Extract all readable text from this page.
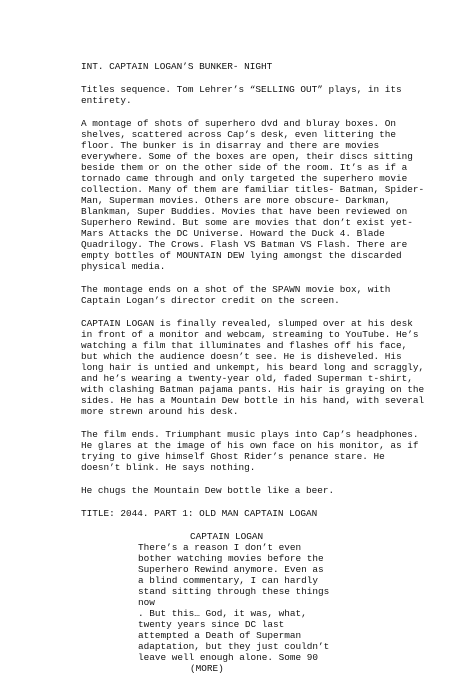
INT. CAPTAIN LOGAN’S BUNKER- NIGHT
Titles sequence. Tom Lehrer’s “SELLING OUT” plays, in its
entirety.
A montage of shots of superhero dvd and bluray boxes. On
shelves, scattered across Cap’s desk, even littering the
floor. The bunker is in disarray and there are movies
everywhere. Some of the boxes are open, their discs sitting
beside them or on the other side of the room. It’s as if a
tornado came through and only targeted the superhero movie
collection. Many of them are familiar titles- Batman, Spider-
Man, Superman movies. Others are more obscure- Darkman,
Blankman, Super Buddies. Movies that have been reviewed on
Superhero Rewind. But some are movies that don’t exist yet-
Mars Attacks the DC Universe. Howard the Duck 4. Blade
Quadrilogy. The Crows. Flash VS Batman VS Flash. There are
empty bottles of MOUNTAIN DEW lying amongst the discarded
physical media.
The montage ends on a shot of the SPAWN movie box, with
Captain Logan’s director credit on the screen.
CAPTAIN LOGAN is finally revealed, slumped over at his desk
in front of a monitor and webcam, streaming to YouTube. He’s
watching a film that illuminates and flashes off his face,
but which the audience doesn’t see. He is disheveled. His
long hair is untied and unkempt, his beard long and scraggly,
and he’s wearing a twenty-year old, faded Superman t-shirt,
with clashing Batman pajama pants. His hair is graying on the
sides. He has a Mountain Dew bottle in his hand, with several
more strewn around his desk.
The film ends. Triumphant music plays into Cap’s headphones.
He glares at the image of his own face on his monitor, as if
trying to give himself Ghost Rider’s penance stare. He
doesn’t blink. He says nothing.
He chugs the Mountain Dew bottle like a beer.
TITLE: 2044. PART 1: OLD MAN CAPTAIN LOGAN
CAPTAIN LOGAN
There’s a reason I don’t even
bother watching movies before the
Superhero Rewind anymore. Even as
a blind commentary, I can hardly
stand sitting through these things
now
. But this… God, it was, what,
twenty years since DC last
attempted a Death of Superman
adaptation, but they just couldn’t
leave well enough alone. Some 90
(MORE)
